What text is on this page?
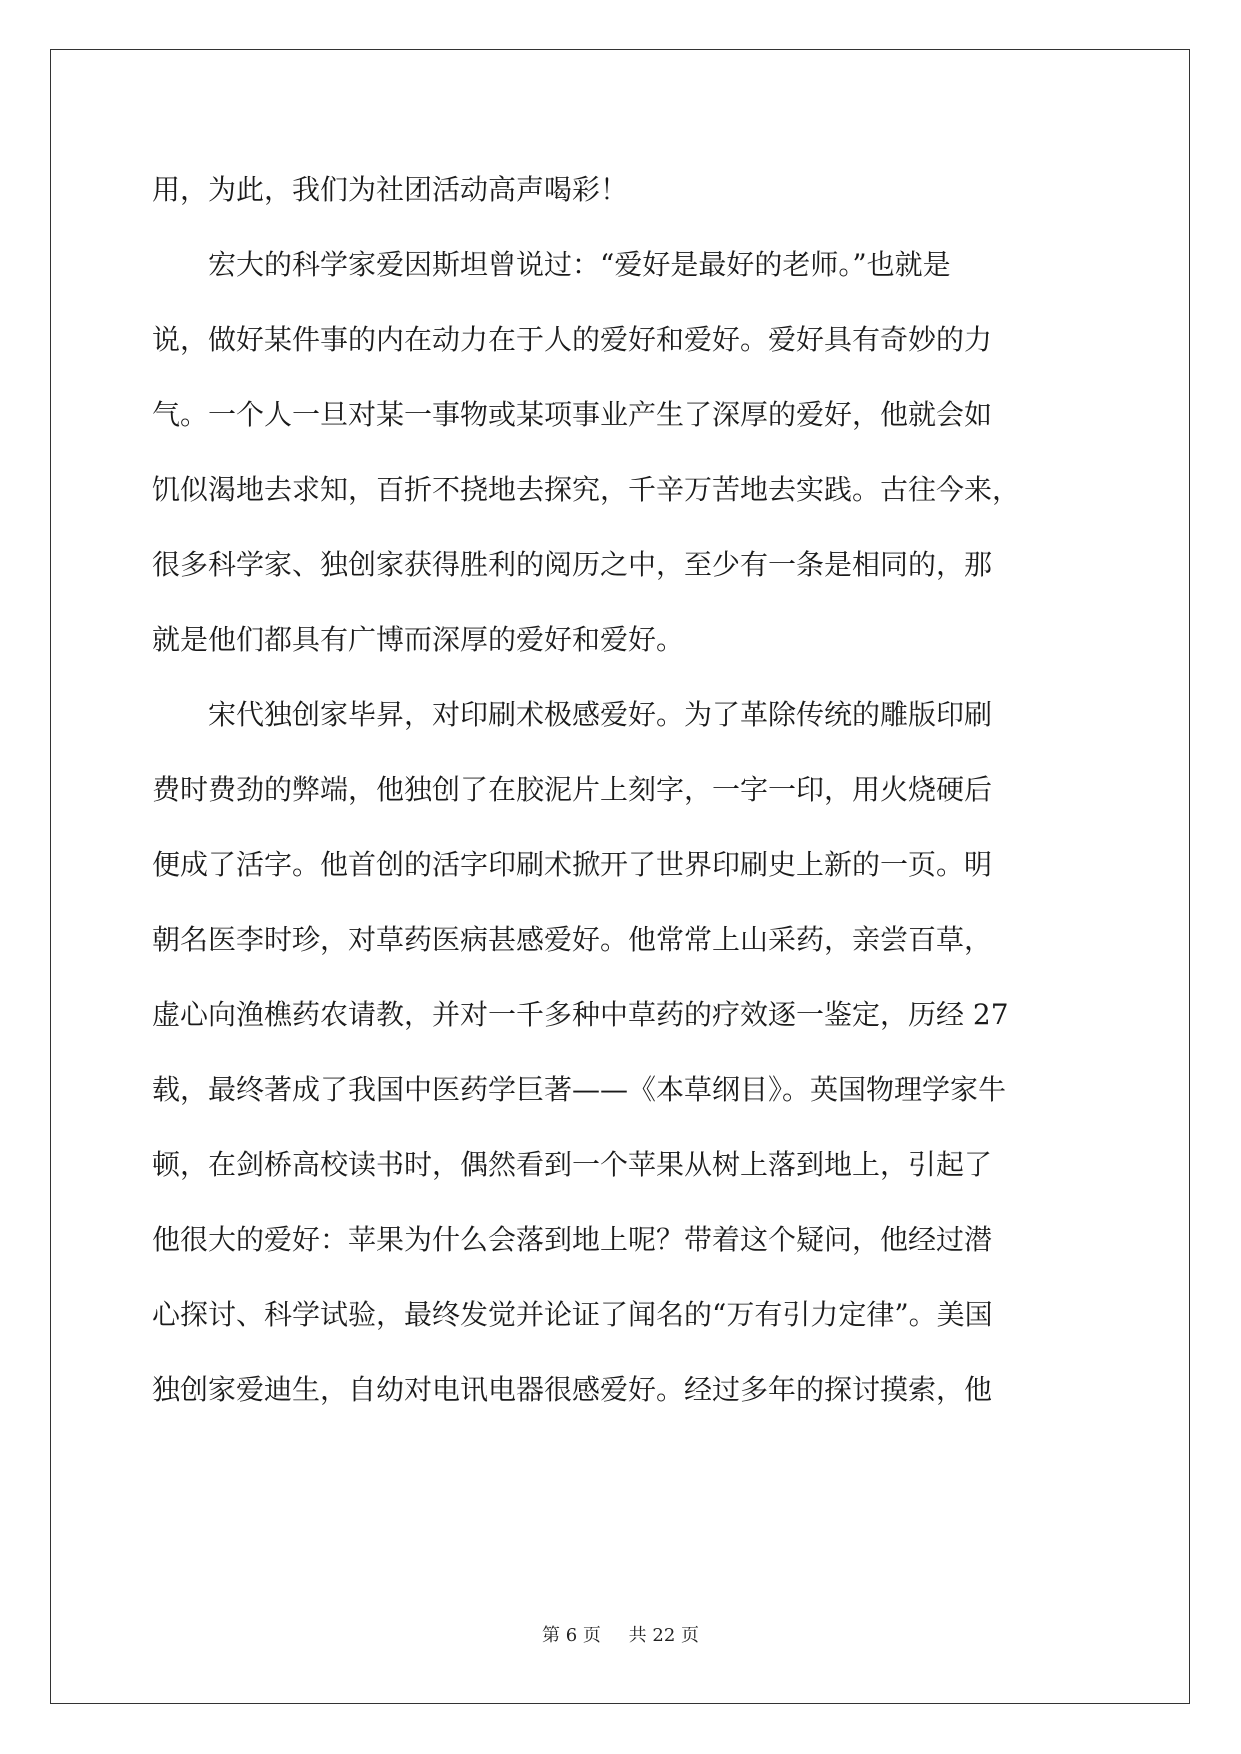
用，为此，我们为社团活动高声喝彩！
宏大的科学家爱因斯坦曾说过：“爱好是最好的老师。”也就是
说，做好某件事的内在动力在于人的爱好和爱好。爱好具有奇妙的力
气。一个人一旦对某一事物或某项事业产生了深厚的爱好，他就会如
饥似渴地去求知，百折不挠地去探究，千辛万苦地去实践。古往今来，
很多科学家、独创家获得胜利的阅历之中，至少有一条是相同的，那
就是他们都具有广博而深厚的爱好和爱好。
宋代独创家毕昇，对印刷术极感爱好。为了革除传统的雕版印刷
费时费劲的弊端，他独创了在胶泥片上刻字，一字一印，用火烧硬后
便成了活字。他首创的活字印刷术掀开了世界印刷史上新的一页。明
朝名医李时珍，对草药医病甚感爱好。他常常上山采药，亲尝百草，
虚心向渔樵药农请教，并对一千多种中草药的疗效逐一鉴定，历经 27
载，最终著成了我国中医药学巨著——《本草纲目》。英国物理学家牛
顿，在剑桥高校读书时，偶然看到一个苹果从树上落到地上，引起了
他很大的爱好：苹果为什么会落到地上呢？带着这个疑问，他经过潜
心探讨、科学试验，最终发觉并论证了闻名的“万有引力定律”。美国
独创家爱迪生，自幼对电讯电器很感爱好。经过多年的探讨摸索，他
第 6 页 共 22 页
